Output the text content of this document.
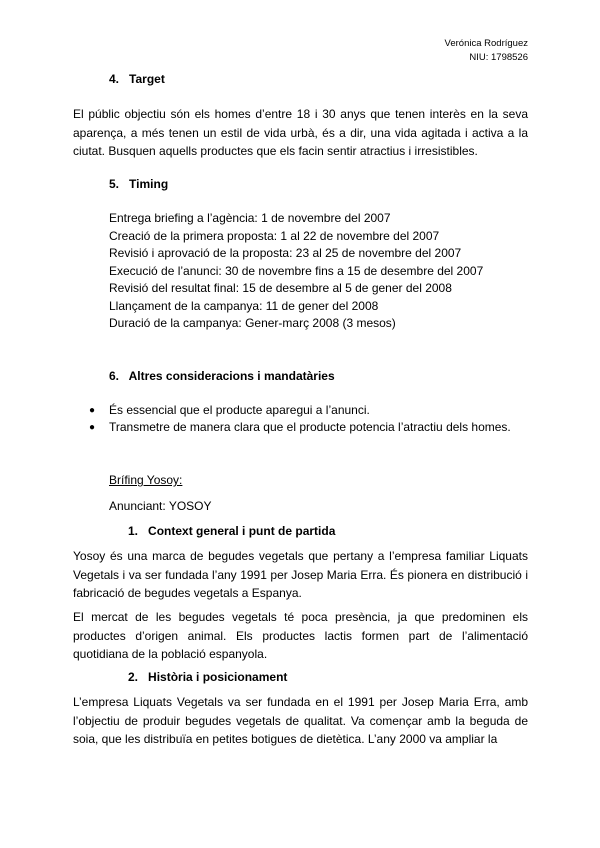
Verónica Rodríguez
NIU: 1798526
4. Target
El públic objectiu són els homes d’entre 18 i 30 anys que tenen interès en la seva aparença, a més tenen un estil de vida urbà, és a dir, una vida agitada i activa a la ciutat. Busquen aquells productes que els facin sentir atractius i irresistibles.
5. Timing
Entrega briefing a l’agència: 1 de novembre del 2007
Creació de la primera proposta: 1 al 22 de novembre del 2007
Revisió i aprovació de la proposta: 23 al 25 de novembre del 2007
Execució de l’anunci: 30 de novembre fins a 15 de desembre del 2007
Revisió del resultat final: 15 de desembre al 5 de gener del 2008
Llançament de la campanya: 11 de gener del 2008
Duració de la campanya: Gener-març 2008 (3 mesos)
6. Altres consideracions i mandatàries
● És essencial que el producte aparegui a l’anunci.
● Transmetre de manera clara que el producte potencia l’atractiu dels homes.
Brífing Yosoy:
Anunciant: YOSOY
1. Context general i punt de partida
Yosoy és una marca de begudes vegetals que pertany a l’empresa familiar Liquats Vegetals i va ser fundada l’any 1991 per Josep Maria Erra. És pionera en distribució i fabricació de begudes vegetals a Espanya.
El mercat de les begudes vegetals té poca presència, ja que predominen els productes d’origen animal. Els productes lactis formen part de l’alimentació quotidiana de la població espanyola.
2. Història i posicionament
L’empresa Liquats Vegetals va ser fundada en el 1991 per Josep Maria Erra, amb l’objectiu de produir begudes vegetals de qualitat. Va començar amb la beguda de soia, que les distribuïa en petites botigues de dietètica. L’any 2000 va ampliar la
